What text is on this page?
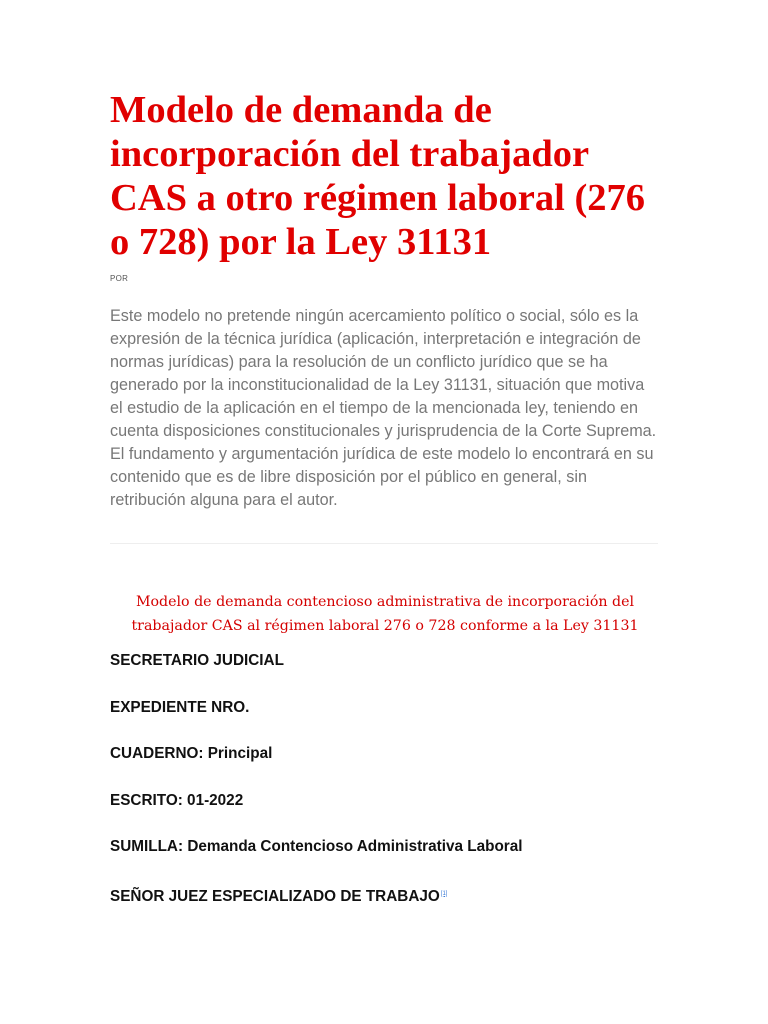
Modelo de demanda de incorporación del trabajador CAS a otro régimen laboral (276 o 728) por la Ley 31131
POR

Este modelo no pretende ningún acercamiento político o social, sólo es la expresión de la técnica jurídica (aplicación, interpretación e integración de normas jurídicas) para la resolución de un conflicto jurídico que se ha generado por la inconstitucionalidad de la Ley 31131, situación que motiva el estudio de la aplicación en el tiempo de la mencionada ley, teniendo en cuenta disposiciones constitucionales y jurisprudencia de la Corte Suprema. El fundamento y argumentación jurídica de este modelo lo encontrará en su contenido que es de libre disposición por el público en general, sin retribución alguna para el autor.

Modelo de demanda contencioso administrativa de incorporación del trabajador CAS al régimen laboral 276 o 728 conforme a la Ley 31131
SECRETARIO JUDICIAL
EXPEDIENTE NRO.
CUADERNO: Principal
ESCRITO: 01-2022
SUMILLA: Demanda Contencioso Administrativa Laboral
SEÑOR JUEZ ESPECIALIZADO DE TRABAJO[1]
